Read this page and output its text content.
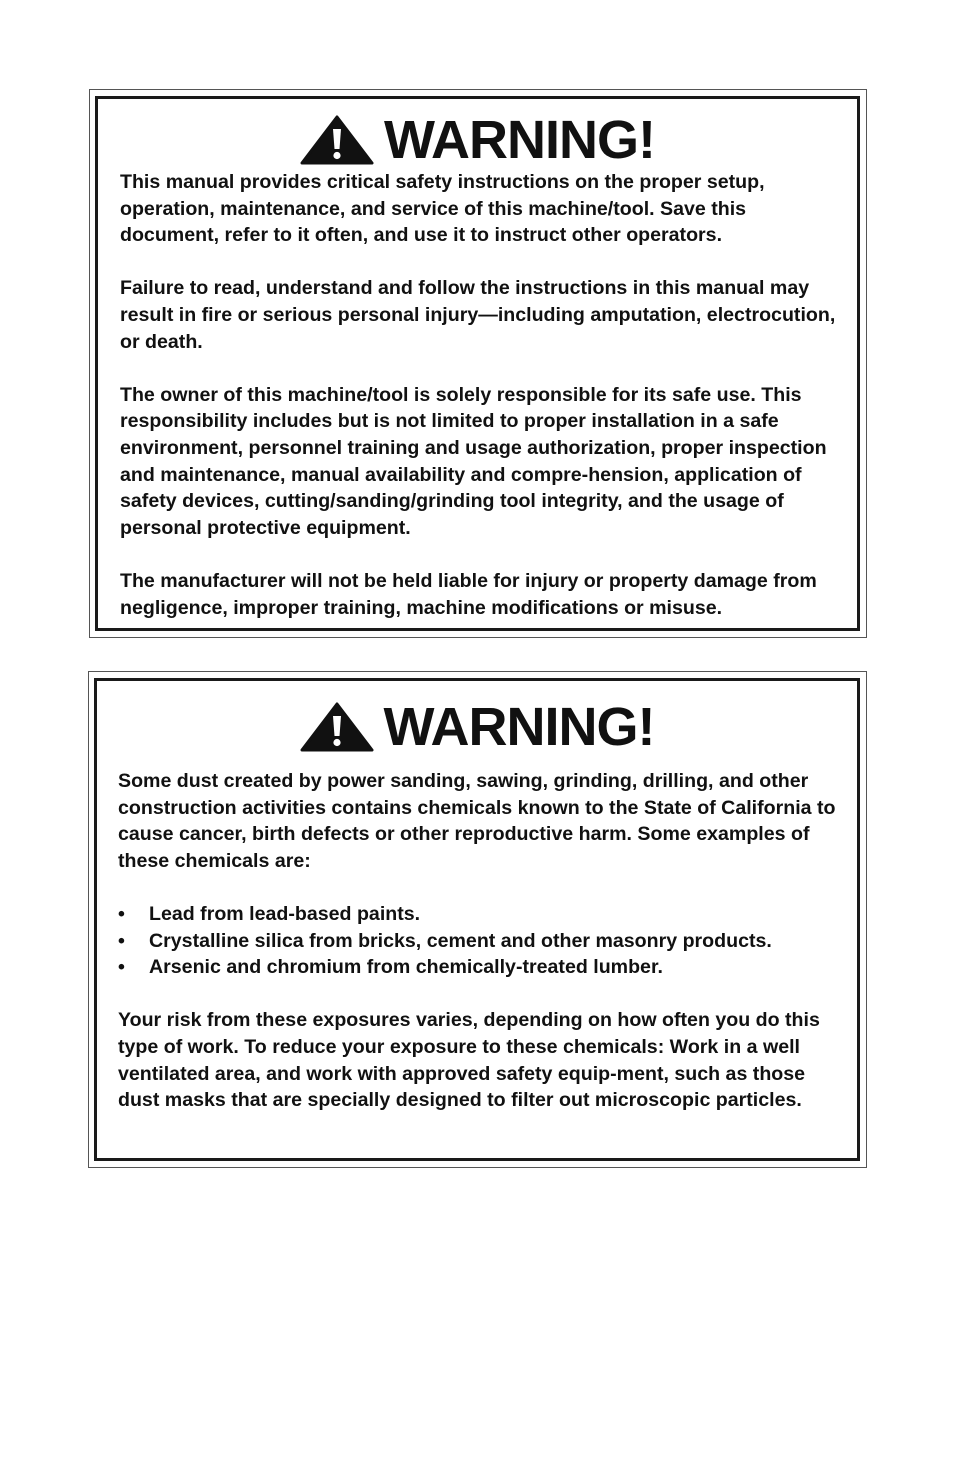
WARNING!

This manual provides critical safety instructions on the proper setup, operation, maintenance, and service of this machine/tool. Save this document, refer to it often, and use it to instruct other operators.

Failure to read, understand and follow the instructions in this manual may result in fire or serious personal injury—including amputation, electrocution, or death.

The owner of this machine/tool is solely responsible for its safe use. This responsibility includes but is not limited to proper installation in a safe environment, personnel training and usage authorization, proper inspection and maintenance, manual availability and compre-hension, application of safety devices, cutting/sanding/grinding tool integrity, and the usage of personal protective equipment.

The manufacturer will not be held liable for injury or property damage from negligence, improper training, machine modifications or misuse.

WARNING!

Some dust created by power sanding, sawing, grinding, drilling, and other construction activities contains chemicals known to the State of California to cause cancer, birth defects or other reproductive harm. Some examples of these chemicals are:

• Lead from lead-based paints.
• Crystalline silica from bricks, cement and other masonry products.
• Arsenic and chromium from chemically-treated lumber.

Your risk from these exposures varies, depending on how often you do this type of work. To reduce your exposure to these chemicals: Work in a well ventilated area, and work with approved safety equip-ment, such as those dust masks that are specially designed to filter out microscopic particles.
